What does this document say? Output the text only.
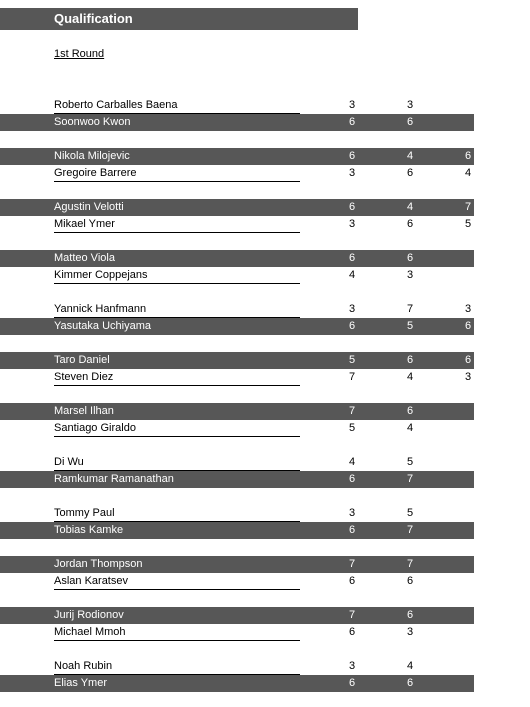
Qualification
1st Round
Roberto Carballes Baena	3	3
Soonwoo Kwon	6	6
Nikola Milojevic	6	4	6
Gregoire Barrere	3	6	4
Agustin Velotti	6	4	7
Mikael Ymer	3	6	5
Matteo Viola	6	6
Kimmer Coppejans	4	3
Yannick Hanfmann	3	7	3
Yasutaka Uchiyama	6	5	6
Taro Daniel	5	6	6
Steven Diez	7	4	3
Marsel Ilhan	7	6
Santiago Giraldo	5	4
Di Wu	4	5
Ramkumar Ramanathan	6	7
Tommy Paul	3	5
Tobias Kamke	6	7
Jordan Thompson	7	7
Aslan Karatsev	6	6
Jurij Rodionov	7	6
Michael Mmoh	6	3
Noah Rubin	3	4
Elias Ymer	6	6
